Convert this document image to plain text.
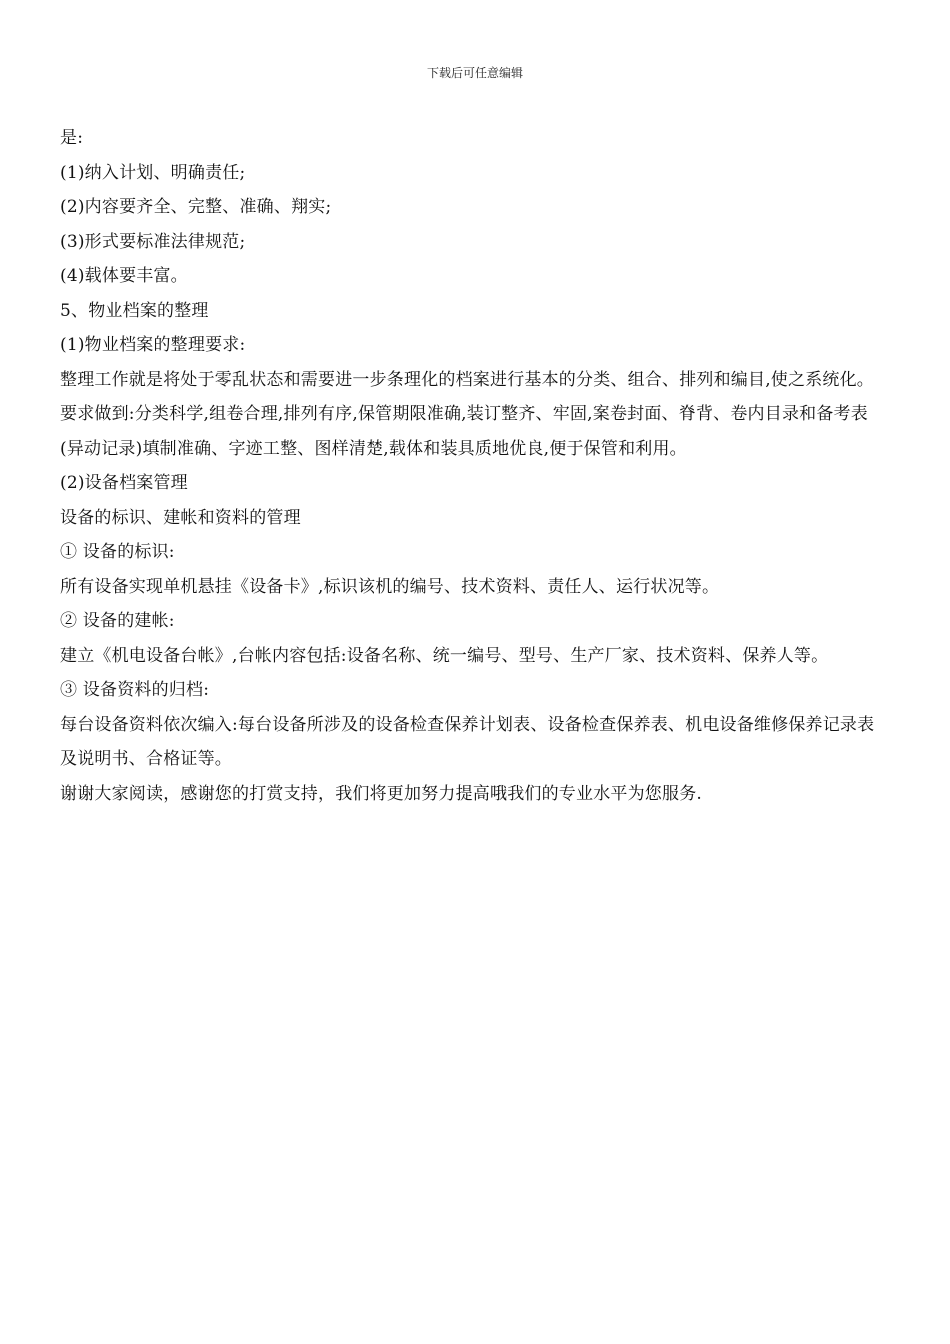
下载后可任意编辑

是:

(1)纳入计划、明确责任;

(2)内容要齐全、完整、准确、翔实;

(3)形式要标准法律规范;

(4)载体要丰富。

5、物业档案的整理

(1)物业档案的整理要求:

整理工作就是将处于零乱状态和需要进一步条理化的档案进行基本的分类、组合、排列和编目,使之系统化。

要求做到:分类科学,组卷合理,排列有序,保管期限准确,装订整齐、牢固,案卷封面、脊背、卷内目录和备考表(异动记录)填制准确、字迹工整、图样清楚,载体和装具质地优良,便于保管和利用。

(2)设备档案管理

设备的标识、建帐和资料的管理

① 设备的标识:

所有设备实现单机悬挂《设备卡》,标识该机的编号、技术资料、责任人、运行状况等。

② 设备的建帐:

建立《机电设备台帐》,台帐内容包括:设备名称、统一编号、型号、生产厂家、技术资料、保养人等。

③ 设备资料的归档:

每台设备资料依次编入:每台设备所涉及的设备检查保养计划表、设备检查保养表、机电设备维修保养记录表及说明书、合格证等。

谢谢大家阅读，感谢您的打赏支持，我们将更加努力提高哦我们的专业水平为您服务.
